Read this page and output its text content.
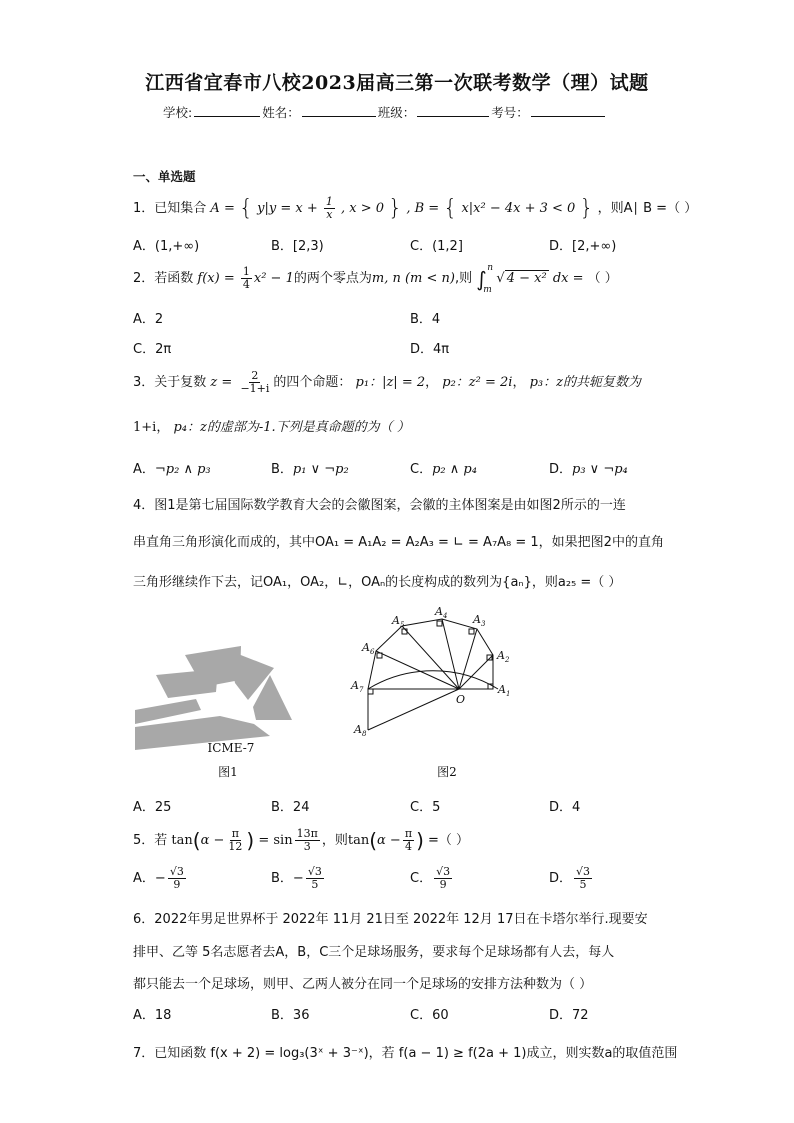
江西省宜春市八校2023届高三第一次联考数学（理）试题
学校:	姓名：	班级：	考号：
一、单选题
1．已知集合 A = { $y|y = x + \frac{1}{x}$ , x > 0 } , B = { x|x² − 4x + 3 < 0 } ，则A∣ B =（ ）
A．(1,+∞)	B．[2,3)	C．(1,2]	D．[2,+∞)
2．若函数 $f(x) = \frac{1}{4} x^2 - 1$的两个零点为m, n (m < n),则 ∫ n
m
√ 4 − x² dx = （ ）
A．2	B．4
C．2π	D．4π
3．关于复数 $z = \frac{2}{-1+i}$ 的四个命题： p₁：|z| = 2， p₂：z² = 2i， p₃：z的共轭复数为
1+i， p₄：z的虚部为-1.下列是真命题的为（ ）
A．¬p₂ ∧ p₃	B．p₁ ∨ ¬p₂	C．p₂ ∧ p₄	D．p₃ ∨ ¬p₄
4．图1是第七届国际数学教育大会的会徽图案，会徽的主体图案是由如图2所示的一连
串直角三角形演化而成的，其中OA₁ = A₁A₂ = A₂A₃ = ∟ = A₇A₈ = 1，如果把图2中的直角
三角形继续作下去，记OA₁，OA₂，∟，OAₙ的长度构成的数列为{aₙ}，则a₂₅ =（ ）
ICME-7
图1
$A_1$
$A_2$
$A_3$
$A_4$
$A_5$
$A_6$
$A_7$
$A_8$
O
图2
A．25	B．24	C．5	D．4
5．若 $\tan(\alpha - \frac{\pi}{12}$ ) = $\sin \frac{13\pi}{3}$ ，则$\tan(\alpha - \frac{\pi}{4}$ ) =（ ）
A．− $\frac{√3}{9}$	B．− $\frac{√3}{5}$	C． $\frac{√3}{9}$	D． $\frac{√3}{5}$
6．2022年男足世界杯于 2022年 11月 21日至 2022年 12月 17日在卡塔尔举行.现要安
排甲、乙等 5名志愿者去A，B，C三个足球场服务，要求每个足球场都有人去，每人
都只能去一个足球场，则甲、乙两人被分在同一个足球场的安排方法种数为（ ）
A．18	B．36	C．60	D．72
7．已知函数 f(x + 2) = log₃(3ˣ + 3⁻ˣ)，若 f(a − 1) ≥ f(2a + 1)成立，则实数a的取值范围
